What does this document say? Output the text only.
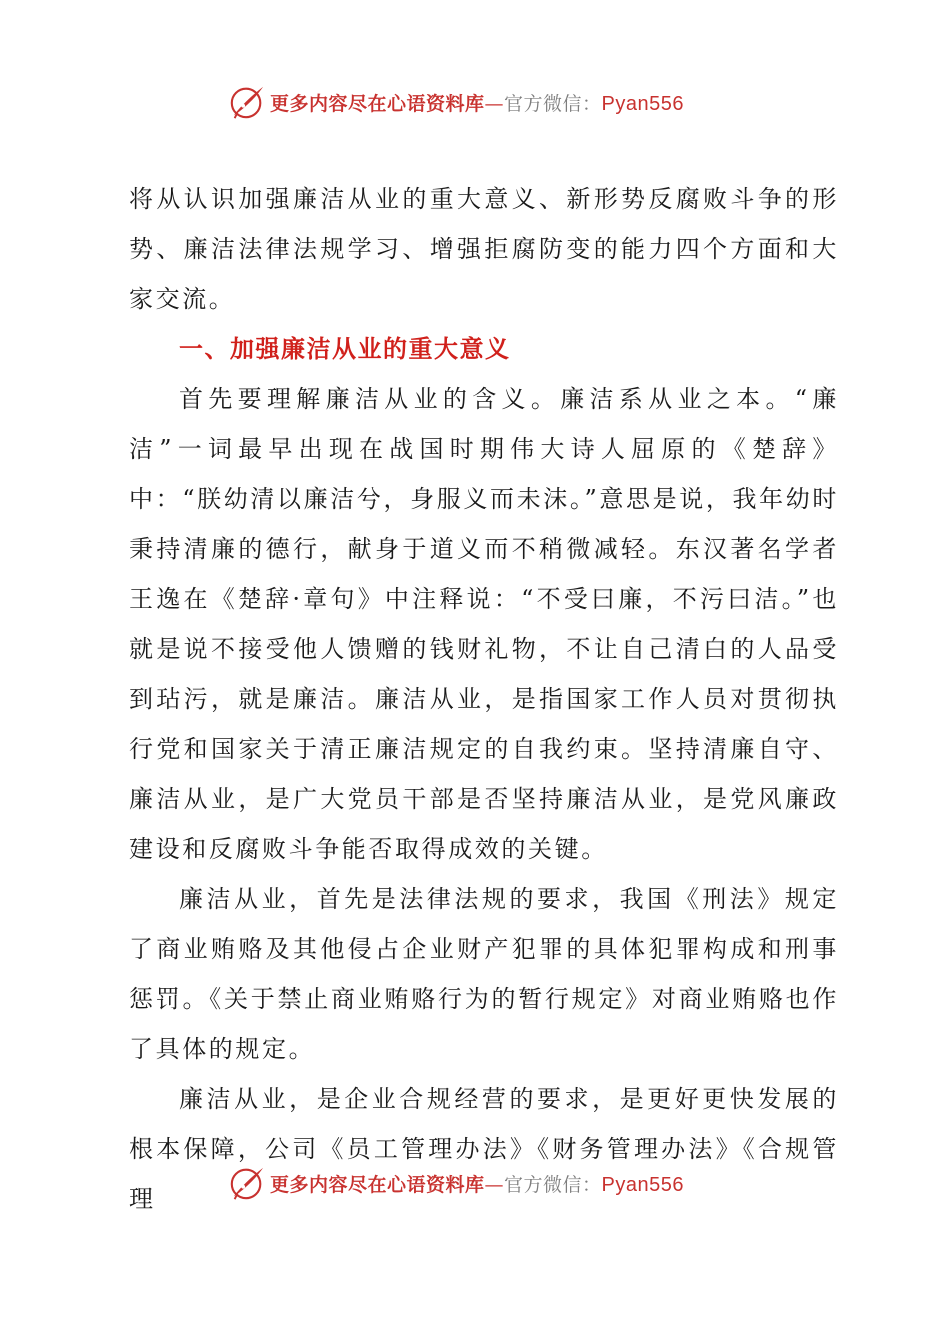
更多内容尽在心语资料库—官方微信：Pyan556

将从认识加强廉洁从业的重大意义、新形势反腐败斗争的形势、廉洁法律法规学习、增强拒腐防变的能力四个方面和大家交流。

一、加强廉洁从业的重大意义

首先要理解廉洁从业的含义。廉洁系从业之本。“廉洁”一词最早出现在战国时期伟大诗人屈原的《楚辞》中：“朕幼清以廉洁兮，身服义而未沫。”意思是说，我年幼时秉持清廉的德行，献身于道义而不稍微减轻。东汉著名学者王逸在《楚辞·章句》中注释说：“不受曰廉，不污曰洁。”也就是说不接受他人馈赠的钱财礼物，不让自己清白的人品受到玷污，就是廉洁。廉洁从业，是指国家工作人员对贯彻执行党和国家关于清正廉洁规定的自我约束。坚持清廉自守、廉洁从业，是广大党员干部是否坚持廉洁从业，是党风廉政建设和反腐败斗争能否取得成效的关键。

廉洁从业，首先是法律法规的要求，我国《刑法》规定了商业贿赂及其他侵占企业财产犯罪的具体犯罪构成和刑事惩罚。《关于禁止商业贿赂行为的暂行规定》对商业贿赂也作了具体的规定。

廉洁从业，是企业合规经营的要求，是更好更快发展的根本保障，公司《员工管理办法》《财务管理办法》《合规管理

更多内容尽在心语资料库—官方微信：Pyan556
